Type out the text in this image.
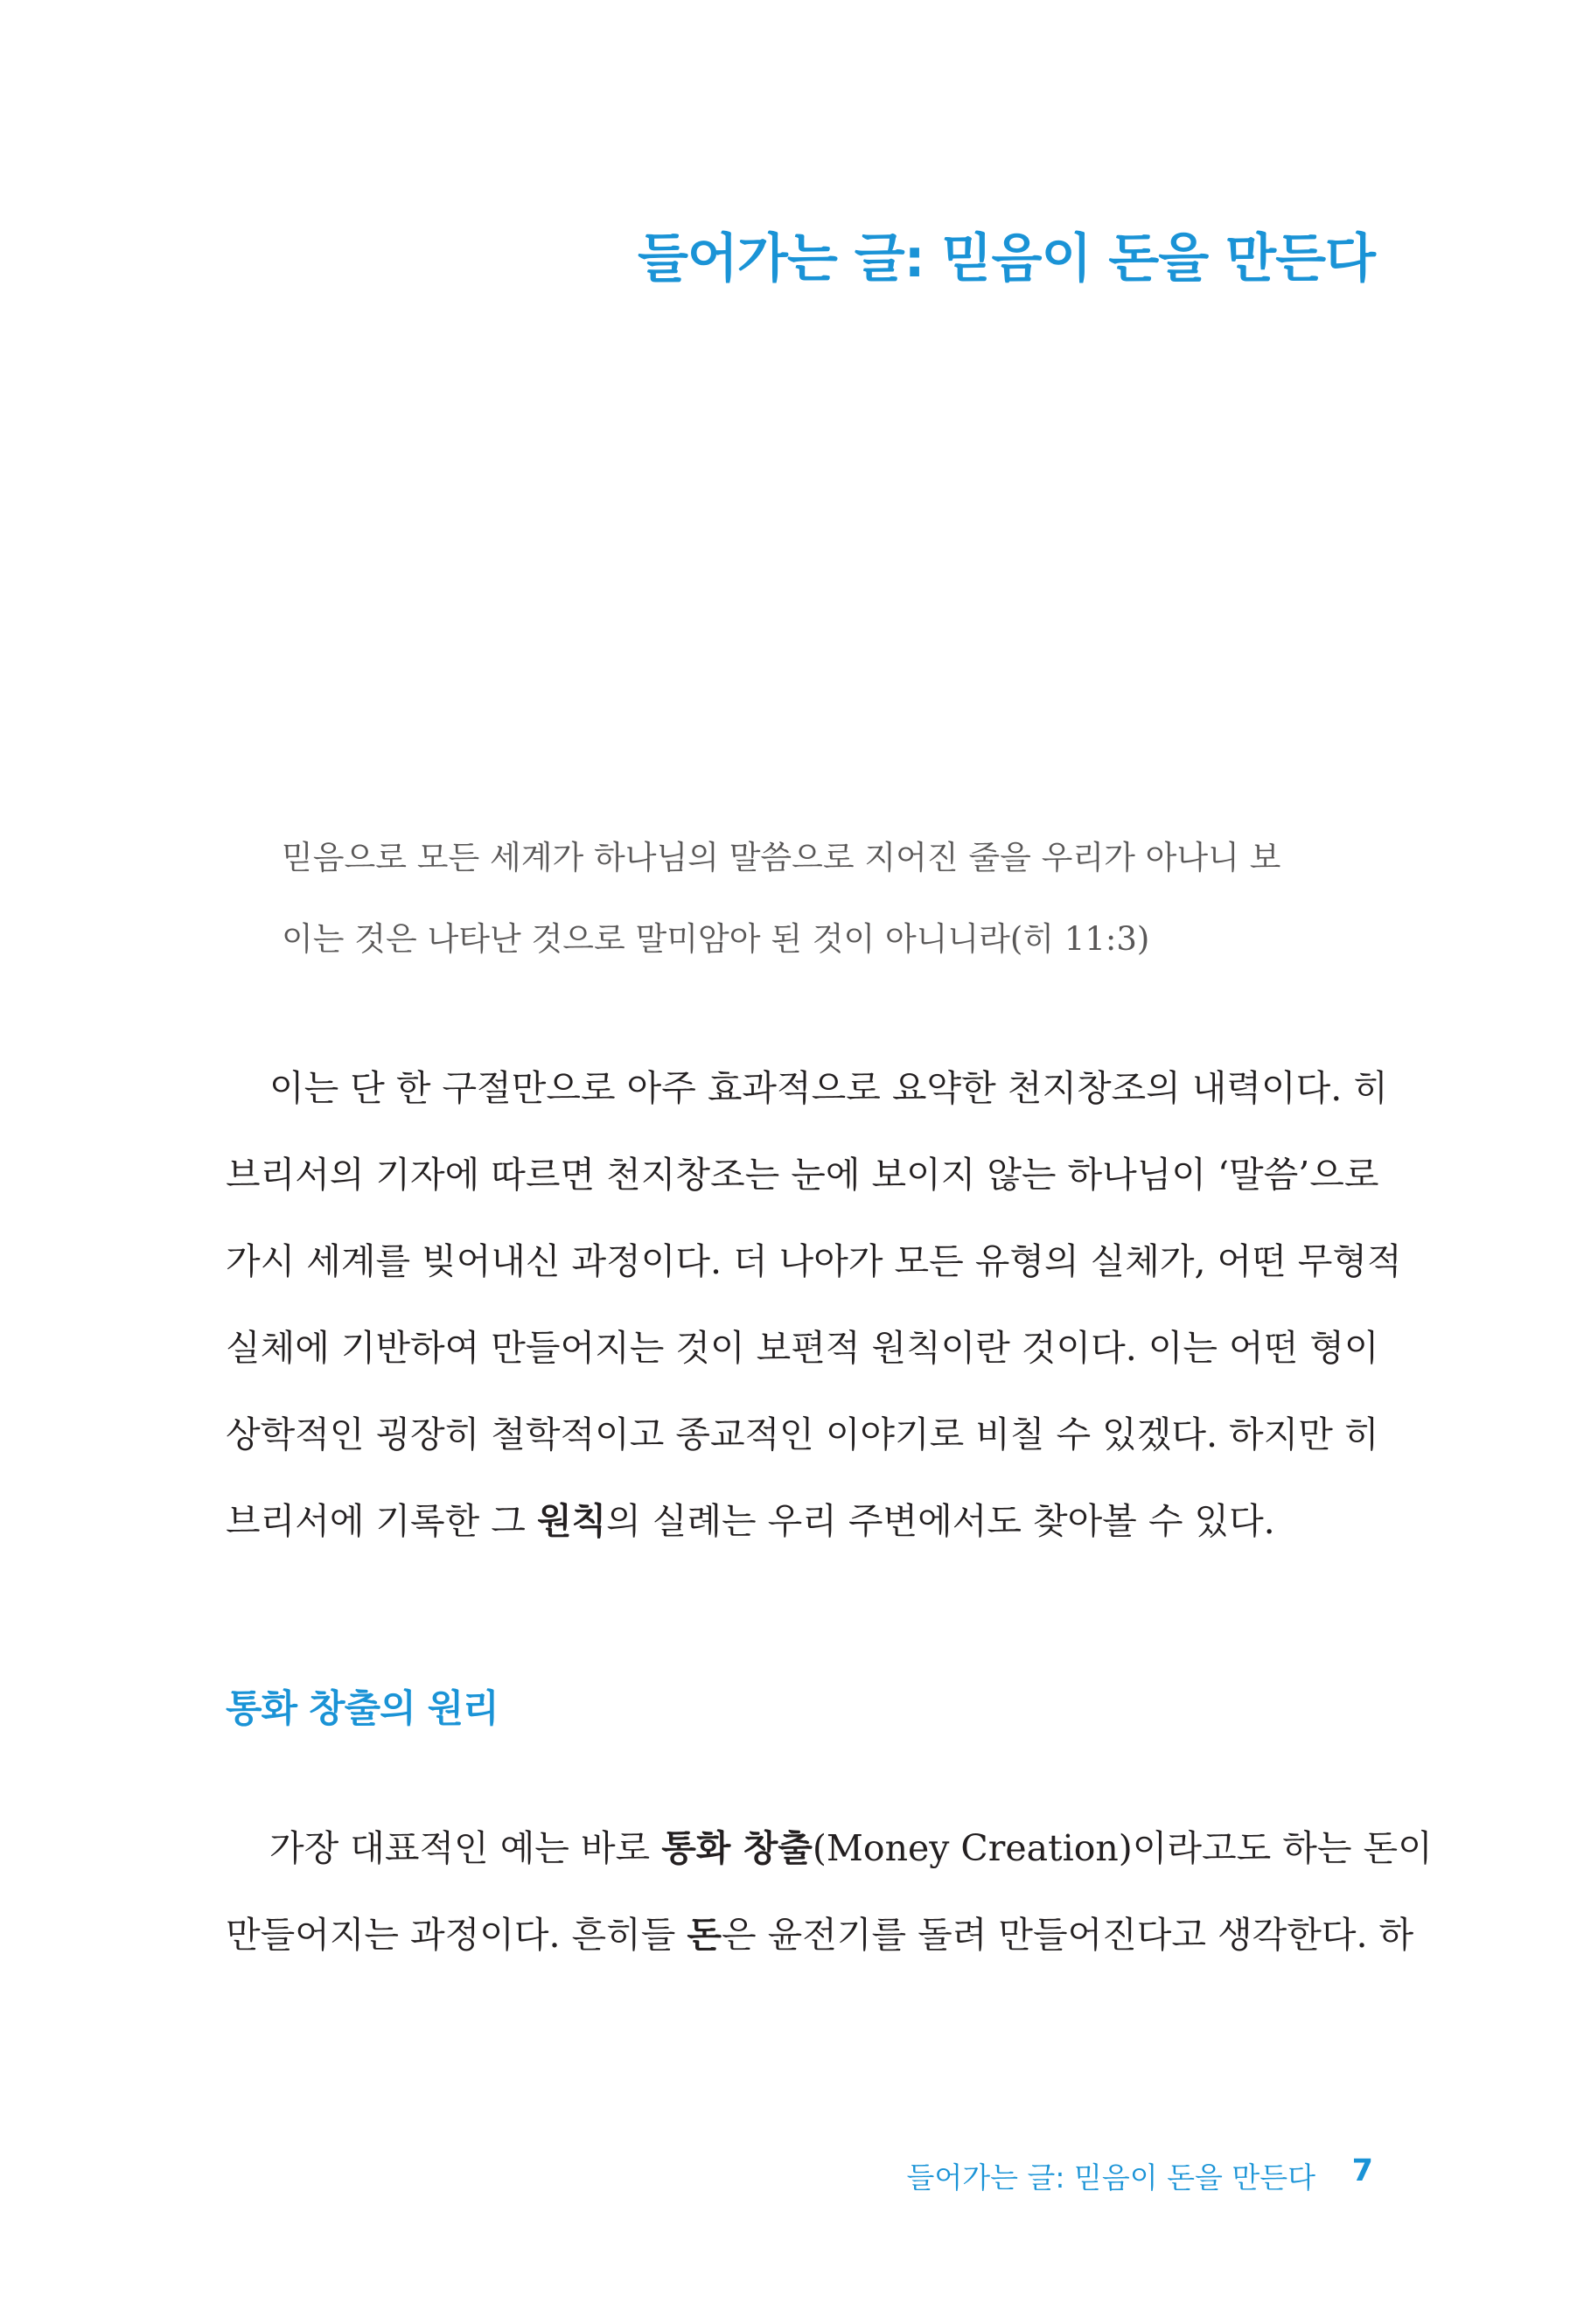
들어가는 글: 믿음이 돈을 만든다
믿음으로 모든 세계가 하나님의 말씀으로 지어진 줄을 우리가 아나니 보
이는 것은 나타난 것으로 말미암아 된 것이 아니니라(히 11:3)
이는 단 한 구절만으로 아주 효과적으로 요약한 천지창조의 내력이다. 히
브리서의 기자에 따르면 천지창조는 눈에 보이지 않는 하나님이 ‘말씀’으로
가시 세계를 빚어내신 과정이다. 더 나아가 모든 유형의 실체가, 어떤 무형적
실체에 기반하여 만들어지는 것이 보편적 원칙이란 것이다. 이는 어떤 형이
상학적인 굉장히 철학적이고 종교적인 이야기로 비칠 수 있겠다. 하지만 히
브리서에 기록한 그 원칙의 실례는 우리 주변에서도 찾아볼 수 있다.
통화 창출의 원리
가장 대표적인 예는 바로 통화 창출(Money Creation)이라고도 하는 돈이
만들어지는 과정이다. 흔히들 돈은 윤전기를 돌려 만들어진다고 생각한다. 하
들어가는 글: 믿음이 돈을 만든다 7
